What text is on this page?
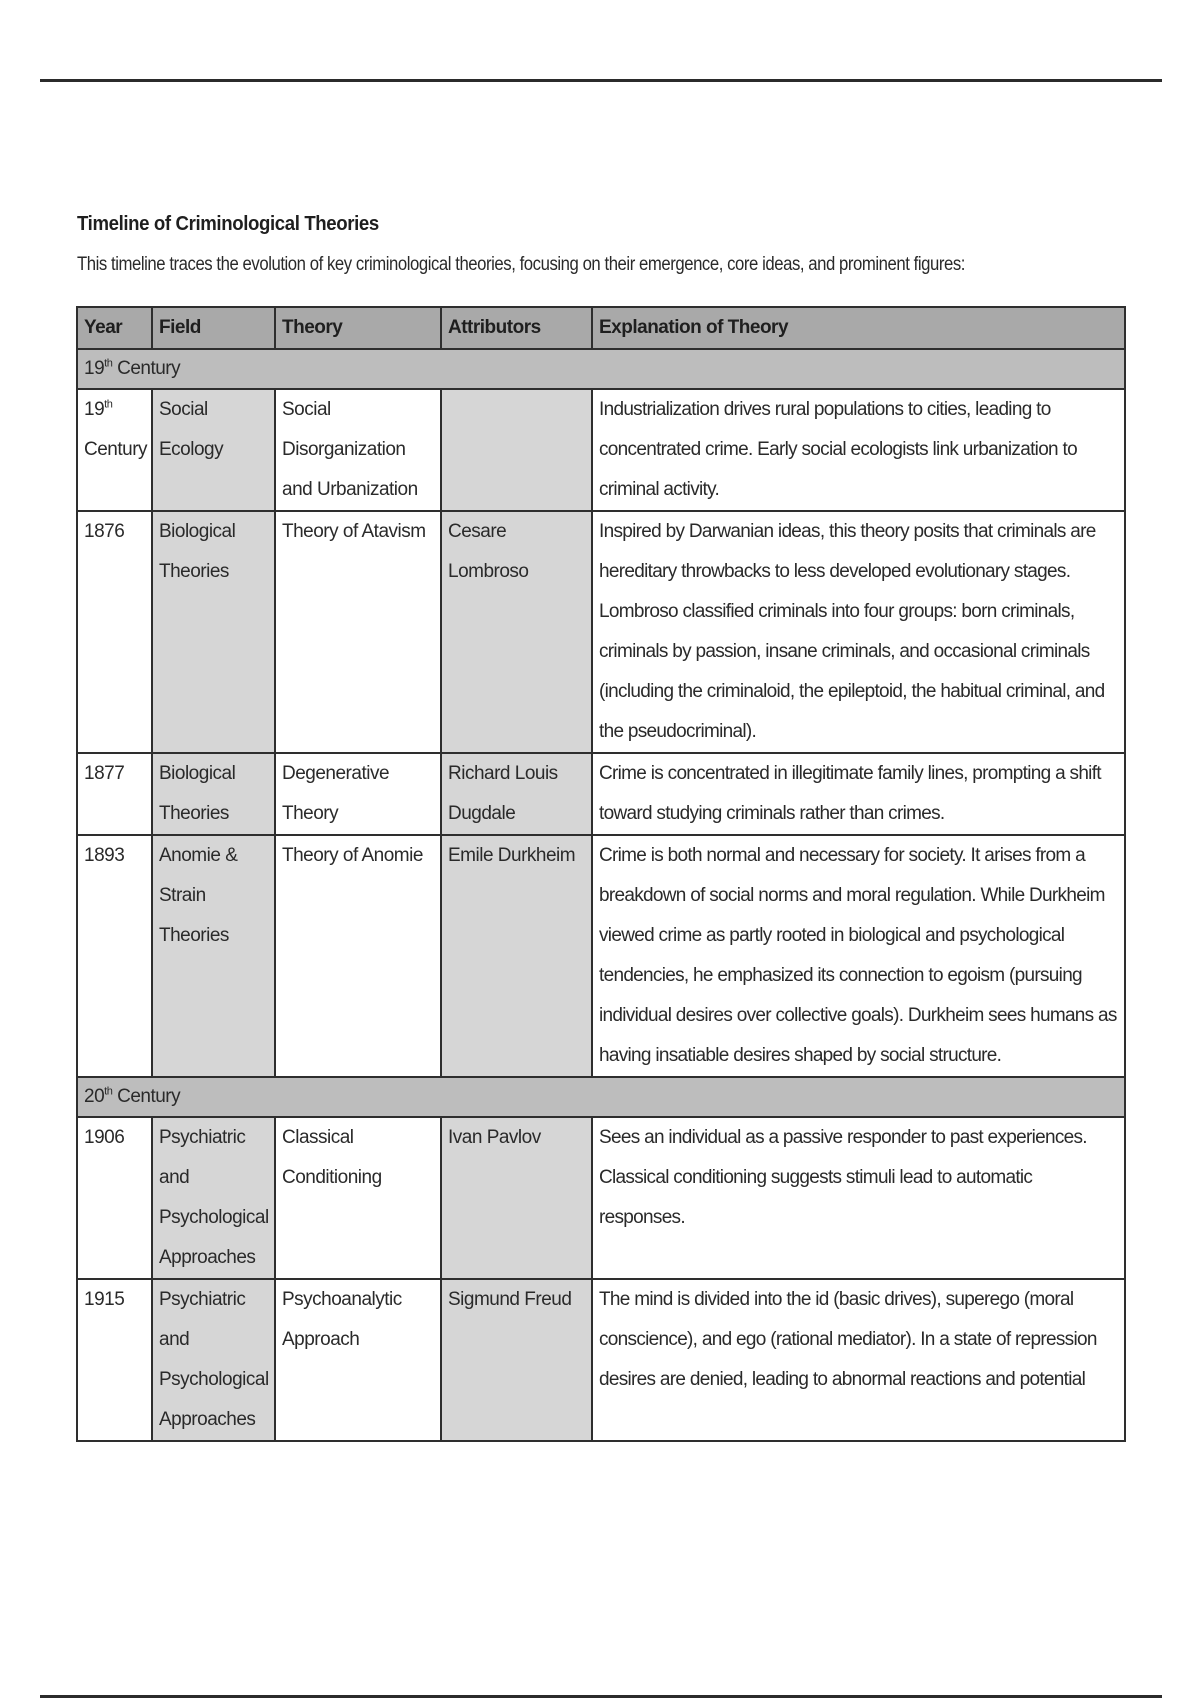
Timeline of Criminological Theories

This timeline traces the evolution of key criminological theories, focusing on their emergence, core ideas, and prominent figures:

Year	Field	Theory	Attributors	Explanation of Theory
19th Century				
19th
Century	Social Ecology	Social Disorganization and Urbanization		Industrialization drives rural populations to cities, leading to concentrated crime. Early social ecologists link urbanization to criminal activity.
1876	Biological Theories	Theory of Atavism	Cesare Lombroso	Inspired by Darwanian ideas, this theory posits that criminals are hereditary throwbacks to less developed evolutionary stages. Lombroso classified criminals into four groups: born criminals, criminals by passion, insane criminals, and occasional criminals (including the criminaloid, the epileptoid, the habitual criminal, and the pseudocriminal).
1877	Biological Theories	Degenerative Theory	Richard Louis Dugdale	Crime is concentrated in illegitimate family lines, prompting a shift toward studying criminals rather than crimes.
1893	Anomie & Strain Theories	Theory of Anomie	Emile Durkheim	Crime is both normal and necessary for society. It arises from a breakdown of social norms and moral regulation. While Durkheim viewed crime as partly rooted in biological and psychological tendencies, he emphasized its connection to egoism (pursuing individual desires over collective goals). Durkheim sees humans as having insatiable desires shaped by social structure.
20th Century				
1906	Psychiatric and Psychological Approaches	Classical Conditioning	Ivan Pavlov	Sees an individual as a passive responder to past experiences. Classical conditioning suggests stimuli lead to automatic responses.
1915	Psychiatric and Psychological Approaches	Psychoanalytic Approach	Sigmund Freud	The mind is divided into the id (basic drives), superego (moral conscience), and ego (rational mediator). In a state of repression desires are denied, leading to abnormal reactions and potential
